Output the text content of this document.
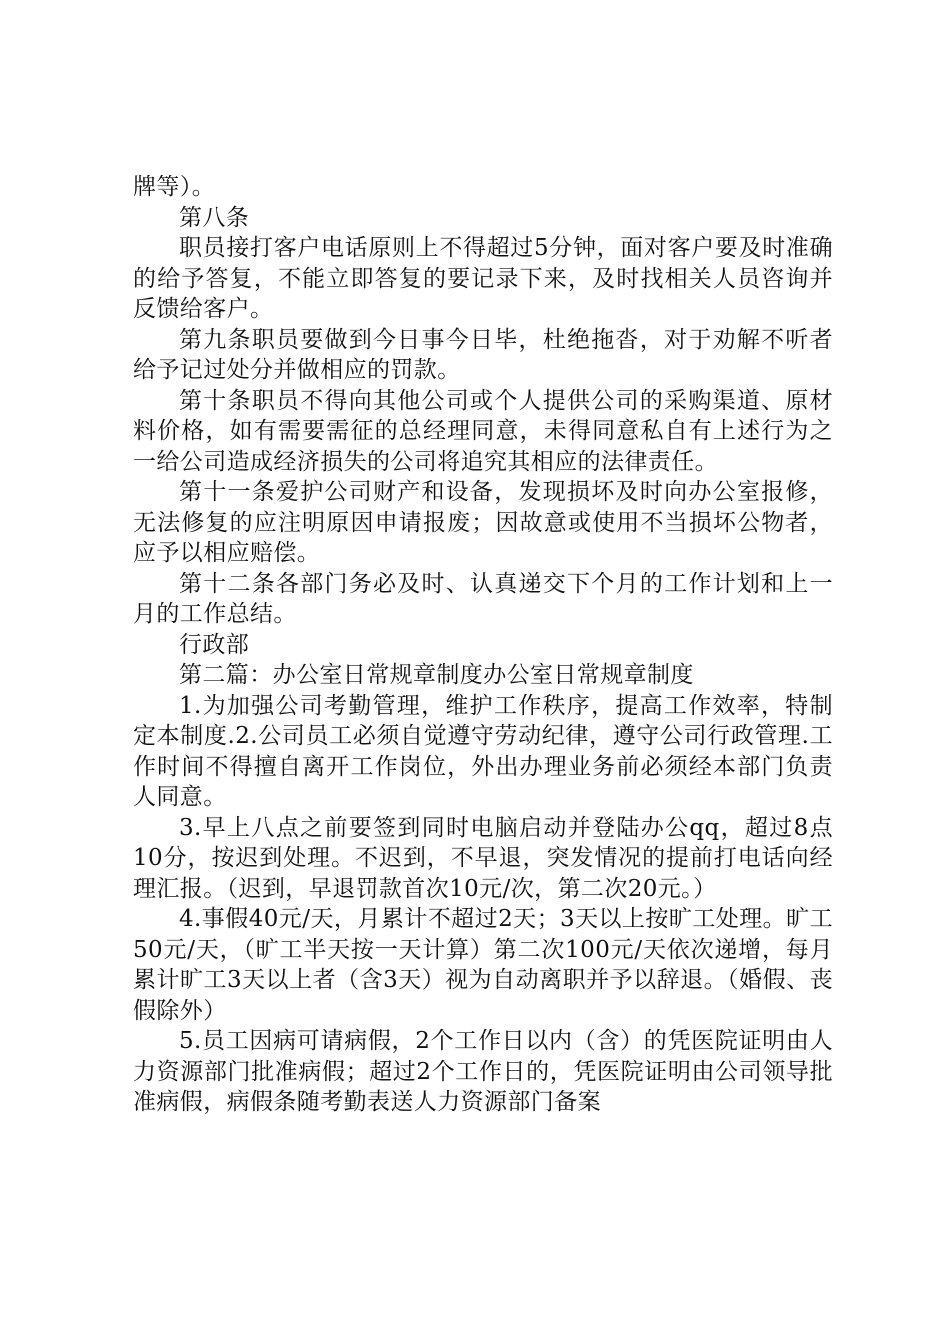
牌等）。

第八条

职员接打客户电话原则上不得超过5分钟，面对客户要及时准确的给予答复，不能立即答复的要记录下来，及时找相关人员咨询并反馈给客户。

第九条职员要做到今日事今日毕，杜绝拖沓，对于劝解不听者给予记过处分并做相应的罚款。

第十条职员不得向其他公司或个人提供公司的采购渠道、原材料价格，如有需要需征的总经理同意，未得同意私自有上述行为之一给公司造成经济损失的公司将追究其相应的法律责任。

第十一条爱护公司财产和设备，发现损坏及时向办公室报修，无法修复的应注明原因申请报废；因故意或使用不当损坏公物者，应予以相应赔偿。

第十二条各部门务必及时、认真递交下个月的工作计划和上一月的工作总结。

行政部

第二篇：办公室日常规章制度办公室日常规章制度

1.为加强公司考勤管理，维护工作秩序，提高工作效率，特制定本制度.2.公司员工必须自觉遵守劳动纪律，遵守公司行政管理.工作时间不得擅自离开工作岗位，外出办理业务前必须经本部门负责人同意。

3.早上八点之前要签到同时电脑启动并登陆办公qq，超过8点10分，按迟到处理。不迟到，不早退，突发情况的提前打电话向经理汇报。（迟到，早退罚款首次10元/次，第二次20元。）

4.事假40元/天，月累计不超过2天；3天以上按旷工处理。旷工50元/天，（旷工半天按一天计算）第二次100元/天依次递增，每月累计旷工3天以上者（含3天）视为自动离职并予以辞退。（婚假、丧假除外）

5.员工因病可请病假，2个工作日以内（含）的凭医院证明由人力资源部门批准病假；超过2个工作日的，凭医院证明由公司领导批准病假，病假条随考勤表送人力资源部门备案
